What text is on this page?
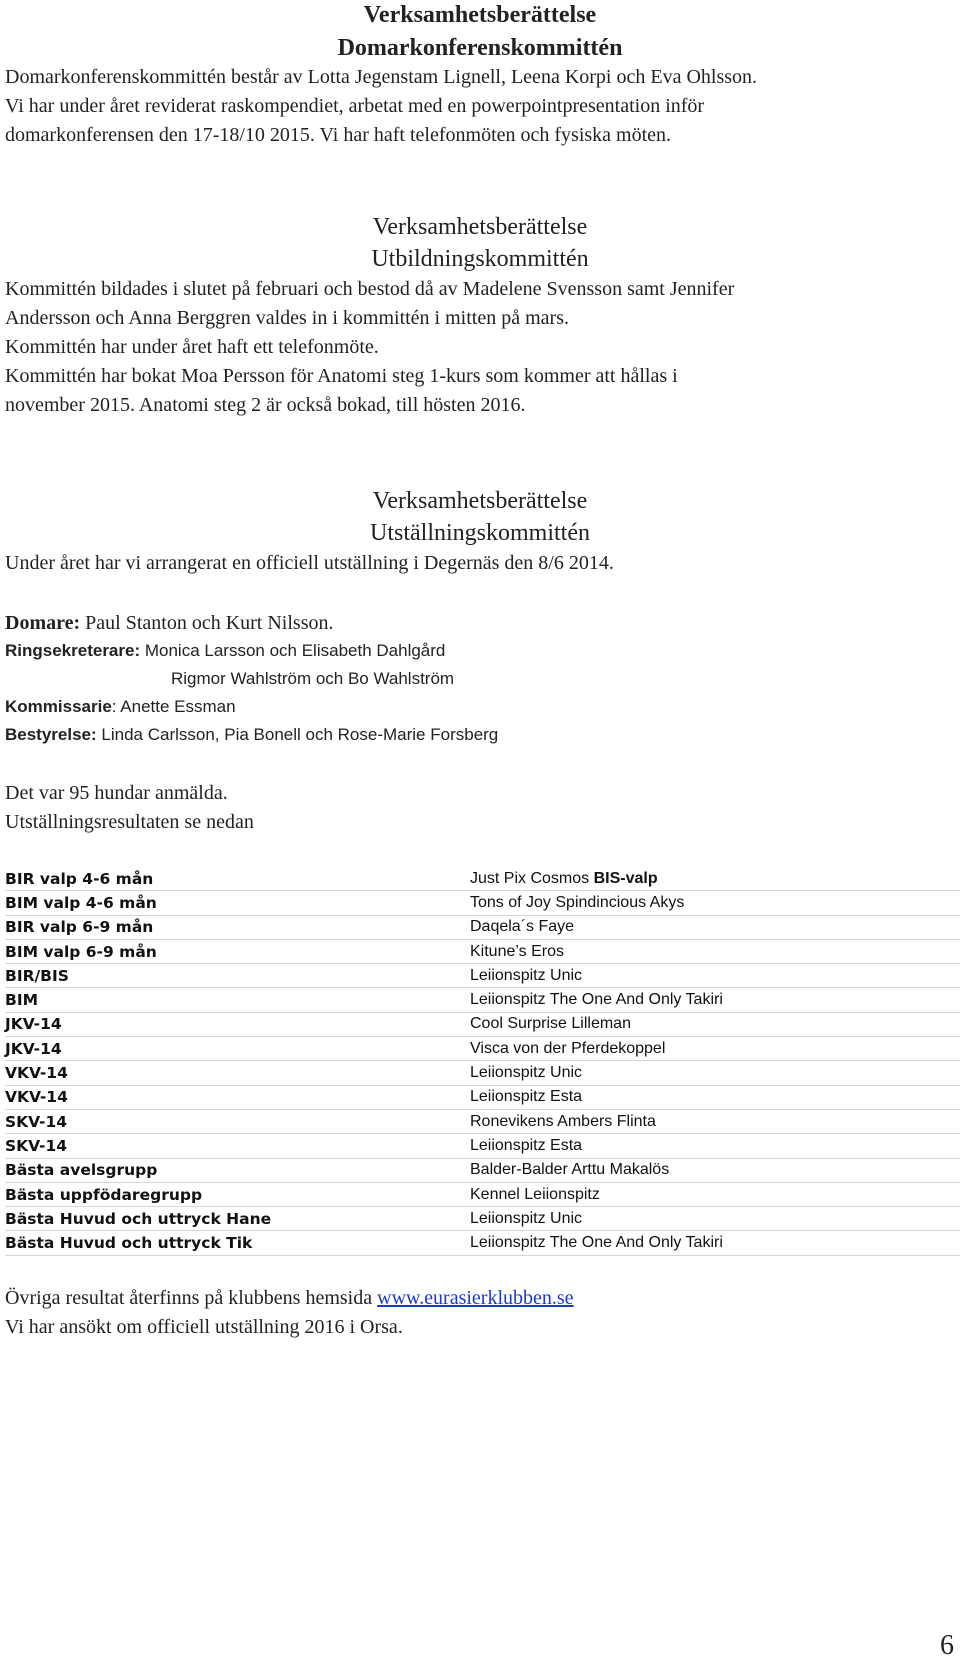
Verksamhetsberättelse
Domarkonferenskommittén
Domarkonferenskommittén består av Lotta Jegenstam Lignell, Leena Korpi och Eva Ohlsson.
Vi har under året reviderat raskompendiet, arbetat med en powerpointpresentation inför
domarkonferensen den 17-18/10 2015. Vi har haft telefonmöten och fysiska möten.
Verksamhetsberättelse
Utbildningskommittén
Kommittén bildades i slutet på februari och bestod då av Madelene Svensson samt Jennifer
Andersson och Anna Berggren valdes in i kommittén i mitten på mars.
Kommittén har under året haft ett telefonmöte.
Kommittén har bokat Moa Persson för Anatomi steg 1-kurs som kommer att hållas i
november 2015. Anatomi steg 2 är också bokad, till hösten 2016.
Verksamhetsberättelse
Utställningskommittén
Under året har vi arrangerat en officiell utställning i Degernäs den 8/6 2014.
Domare: Paul Stanton och Kurt Nilsson.
Ringsekreterare: Monica Larsson och Elisabeth Dahlgård
Rigmor Wahlström och Bo Wahlström
Kommissarie: Anette Essman
Bestyrelse: Linda Carlsson, Pia Bonell och Rose-Marie Forsberg
Det var 95 hundar anmälda.
Utställningsresultaten se nedan
BIR valp 4-6 mån	Just Pix Cosmos BIS-valp
BIM valp 4-6 mån	Tons of Joy Spindincious Akys
BIR valp 6-9 mån	Daqela´s Faye
BIM valp 6-9 mån	Kitune’s Eros
BIR/BIS	Leiionspitz Unic
BIM	Leiionspitz The One And Only Takiri
JKV-14	Cool Surprise Lilleman
JKV-14	Visca von der Pferdekoppel
VKV-14	Leiionspitz Unic
VKV-14	Leiionspitz Esta
SKV-14	Ronevikens Ambers Flinta
SKV-14	Leiionspitz Esta
Bästa avelsgrupp	Balder-Balder Arttu Makalös
Bästa uppfödaregrupp	Kennel Leiionspitz
Bästa Huvud och uttryck Hane	Leiionspitz Unic
Bästa Huvud och uttryck Tik	Leiionspitz The One And Only Takiri
Övriga resultat återfinns på klubbens hemsida www.eurasierklubben.se
Vi har ansökt om officiell utställning 2016 i Orsa.
6
